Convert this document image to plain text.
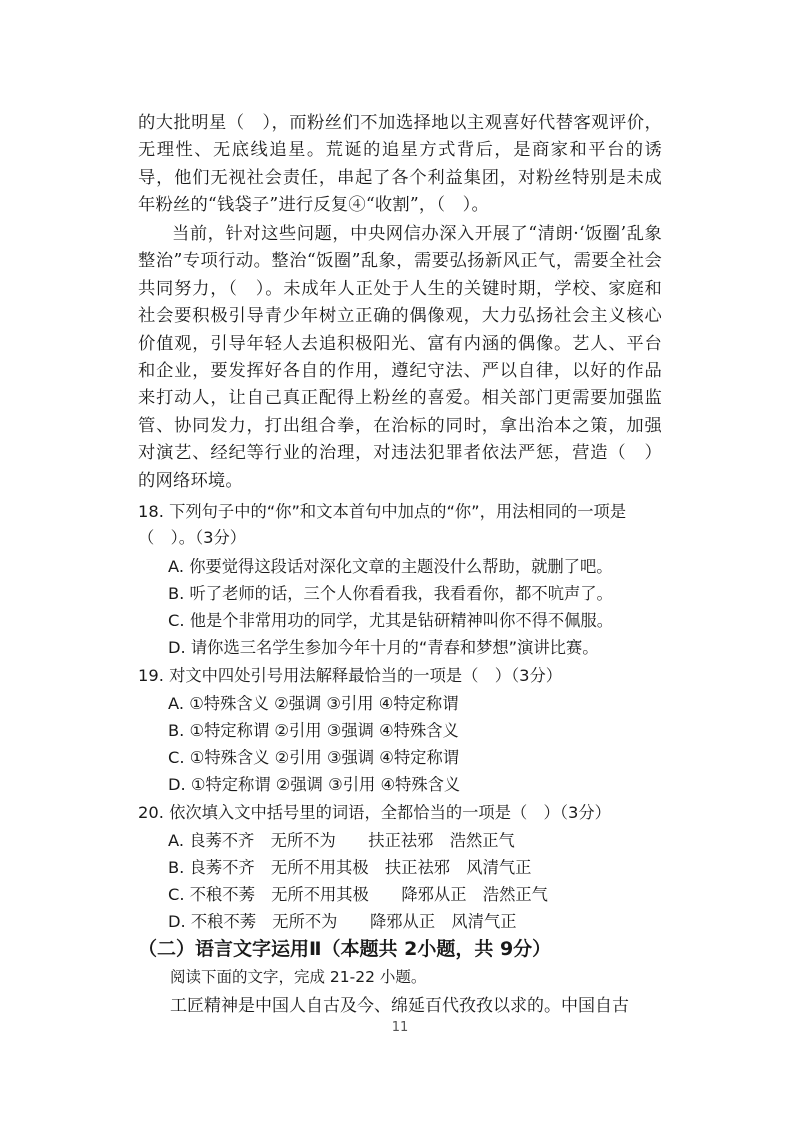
的大批明星（　），而粉丝们不加选择地以主观喜好代替客观评价，无理性、无底线追星。荒诞的追星方式背后，是商家和平台的诱导，他们无视社会责任，串起了各个利益集团，对粉丝特别是未成年粉丝的“钱袋子”进行反复④“收割”，（　）。

当前，针对这些问题，中央网信办深入开展了“清朗·‘饭圈’乱象整治”专项行动。整治“饭圈”乱象，需要弘扬新风正气，需要全社会共同努力，（　）。未成年人正处于人生的关键时期，学校、家庭和社会要积极引导青少年树立正确的偶像观，大力弘扬社会主义核心价值观，引导年轻人去追积极阳光、富有内涵的偶像。艺人、平台和企业，要发挥好各自的作用，遵纪守法、严以自律，以好的作品来打动人，让自己真正配得上粉丝的喜爱。相关部门更需要加强监管、协同发力，打出组合拳，在治标的同时，拿出治本之策，加强对演艺、经纪等行业的治理，对违法犯罪者依法严惩，营造（　）的网络环境。

18. 下列句子中的“你”和文本首句中加点的“你”，用法相同的一项是

（　）。（3分）

A. 你要觉得这段话对深化文章的主题没什么帮助，就删了吧。

B. 听了老师的话，三个人你看看我，我看看你，都不吭声了。

C. 他是个非常用功的同学，尤其是钻研精神叫你不得不佩服。

D. 请你选三名学生参加今年十月的“青春和梦想”演讲比赛。

19. 对文中四处引号用法解释最恰当的一项是（　）（3分）

A. ①特殊含义 ②强调 ③引用 ④特定称谓

B. ①特定称谓 ②引用 ③强调 ④特殊含义

C. ①特殊含义 ②引用 ③强调 ④特定称谓

D. ①特定称谓 ②强调 ③引用 ④特殊含义

20. 依次填入文中括号里的词语，全都恰当的一项是（　）（3分）

A. 良莠不齐　无所不为　　扶正祛邪　浩然正气

B. 良莠不齐　无所不用其极　扶正祛邪　风清气正

C. 不稂不莠　无所不用其极　　降邪从正　浩然正气

D. 不稂不莠　无所不为　　降邪从正　风清气正

（二）语言文字运用Ⅱ（本题共 2小题，共 9分）

阅读下面的文字，完成 21-22 小题。

工匠精神是中国人自古及今、绵延百代孜孜以求的。中国自古

11
